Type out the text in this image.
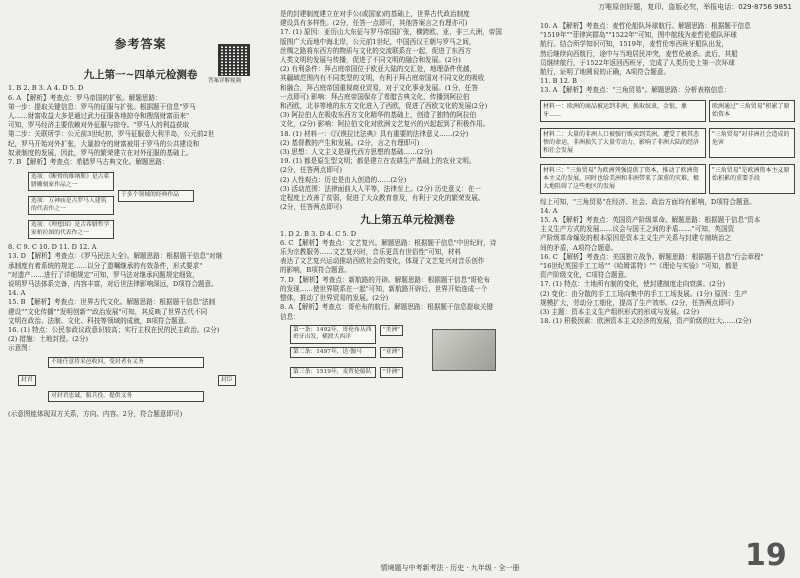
万唯原创好题，复印、盗版必究，举报电话：029-8756 9851
参考答案
九上第一~四单元检测卷

1. B 2. B 3. A 4. D 5. D

6. A 【解析】考查点：罗马帝国的扩张。解题思路：

第一步：提取关键信息：罗马的征服与扩张。根据题干信息"罗马

人……财富收益大多是通过武力征服各地掠夺和搜刮财富而来"

可知，罗马经济主要依赖对外征服与掠夺。"罗马人的利益获取

第二步：关联所学：公元前3世纪初，罗马征服意大利半岛，公元前2世

纪，罗马开始对外扩张，大量掠夺的财富被用于罗马的公共建设和

奴隶制度的发展，因此，罗马的繁荣建立在对外征服的基础上。

7. B 【解析】考查点：希腊罗马古典文化。解题思路：

选项：《断臂的维纳斯》是古希腊雕刻家作品之一
于多个领域的经典作品
选项：万神庙是古罗马人建筑的代表作之一
选项：《理想国》是古希腊哲学家柏拉图的代表作之一

8. C 9. C 10. D 11. D 12. A

13. D 【解析】考查点：《罗马民法大全》。解题思路：根据题干信息"对继

承制度有着系统的规定……以分了遗嘱继承的有效条件，形式要求"

"对遗产……进行了详细规定"可知，罗马法对继承问题规定细致，

说明罗马法体系完备，内容丰富，对后世法律影响深远，D项符合题意。

14. A

15. B 【解析】考查点：世界古代文化。解题思路：根据题干信息"法制

建设""文化传播""发明创新""政治发展"可知，其反映了世界古代不同

文明在政治、法制、文化、科技等领域的成就，B项符合题意。

16. (1) 特点：公民参政议政意识较高；实行主权在民的民主政治。(2分)

(2) 措施：土地封授。(2分)

示意图：

不能任意将采邑收回，受封者有义务
封君	封臣
对封君忠诚，服兵役，提供义务

(示意图能体现双方关系，方向、内容。2分，符合题意即可)

答案详解视频

是的封建制度建立在对手公(或国家)的基础上，世界古代政治制度

建设具有多样性。(2分，任答一点即可，其他答案言之有理亦可)

17. (1) 原因：亚历山大东征与罗马帝国扩张，横跨欧、亚、非三大洲，帝国

版图广大而地中海北岸，公元前1世纪，中国西汉王朝与罗马之间，

丝绸之路将东西方的物质与文化的交流联系在一起，促进了东西方

人类文明的发展与传播，促进了不同文明的融合和发展。(2分)

(2) 有利条件：拜占庭帝国位于欧亚大陆的交汇处，地理条件优越，

其疆域范围内有不同类型的文明，有利于拜占庭帝国对不同文化的吸收

和融合，拜占庭帝国重视商业贸易，对于文化事业发展。(1分，任答

一点即可) 影响：拜占庭帝国保存了希腊古典文化，传播到阿拉伯

和西欧，北非等地的东方文化进入了西欧，促进了西欧文化的发展(2分)

(3) 阿拉伯人在吸收东西方文化精华的基础上，创造了独特的阿拉伯

文化，(2分) 影响：阿拉伯文化对欧洲文艺复兴的兴起起到了积极作用。

18. (1) 材料一：《汉谟拉比法典》具有重要的法律意义……(2分)

(2) 基督教的产生和发展。(2分，言之有理即可)

(3) 思想：人文主义是现代西方思想的基础……(2分)

19. (1) 都是原生型文明；都是建立在农耕生产基础上的农业文明。

(2分，任答两点即可)

(2) 人性观点：历史是由人创造的……(2分)

(3) 活动范围：法律面前人人平等，法律至上。(2分) 历史意义：在一

定程度上改善了贫弱，促进了大众教育普及，有利于文化的繁荣发展。

(2分，任答两点即可)

九上第五单元检测卷

1. D 2. B 3. D 4. C 5. D

6. C 【解析】考查点：文艺复兴。解题思路：根据题干信息"中世纪时，诗

乐为宗教服务……文艺复兴时，音乐更具有世俗性"可知，材料

表达了文艺复兴运动推动西欧社会的变化，体现了文艺复兴对音乐创作

的影响，B项符合题意。

7. D 【解析】考查点：新航路的开辟。解题思路：根据题干信息"哥伦布

的发现……使世界联系在一起"可知，新航路开辟后，世界开始连成一个

整体，推动了世界贸易的发展。(2分)

8. A 【解析】考查点：哥伦布的航行。解题思路：根据题干信息提取关键

信息：

第一条：1492年，哥伦布从西班牙出发，横渡大西洋
第二条：1497年，达·伽马
第三条：1519年，麦哲伦船队
"美洲"
"亚洲"
"非洲"

10. A 【解析】考查点：麦哲伦船队环球航行。解题思路：根据题干信息

"1519年""菲律宾群岛""1522年"可知，图中航线为麦哲伦船队环球

航行。结合所学知识可知，1519年，麦哲伦率西班牙船队出发，

然后继续向西航行，途中与当地居民冲突，麦哲伦被杀。此后，其船

员继续航行，于1522年返回西班牙，完成了人类历史上第一次环球

航行，证明了地圆说的正确，A项符合题意。

11. B 12. B

13. A 【解析】考查点："三角贸易"。解题思路：分析表格信息：

材料一：欧洲的商品被运到非洲，换取奴隶，金银，象牙……
欧洲通过"三角贸易"积累了原始资本
材料二：大量的非洲人口被强行贩卖到美洲，遭受了极其悲惨的命运，非洲损失了大量劳动力，影响了非洲大陆的经济和社会发展
"三角贸易"对非洲社会造成的危害
材料三："三角贸易"为欧洲列强提供了资本，推动了欧洲资本主义的发展，同时也给美洲和非洲带来了深重的灾难，极大地阻碍了这些地区的发展
"三角贸易"是欧洲资本主义原始积累的重要手段

综上可知，"三角贸易"在经济、社会、政治方面均有影响，D项符合题意。

14. A

15. A 【解析】考查点：英国资产阶级革命。解题思路：根据题干信息"资本

主义生产方式的发展……议会与国王之间的矛盾……"可知，英国资

产阶级革命爆发的根本原因是资本主义生产关系与封建专制统治之

间的矛盾，A项符合题意。

16. C 【解析】考查点：美国独立战争。解题思路：根据题干信息"行会章程"

"16世纪英国手工工场""《哈姆雷特》""《理论与实验》"可知，都是

资产阶级文化，C项符合题意。

17. (1) 特点：土地所有制的变化，使封建制度走向衰落。(2分)

(2) 变化：由分散的手工工场向集中的手工工场发展。(1分) 原因：生产

规模扩大，劳动分工细化，提高了生产效率。(2分，任答两点即可)

(3) 主题：资本主义生产组织形式的形成与发展。(2分)

18. (1) 积极因素：欧洲资本主义经济的发展，资产阶级的壮大……(2分)

19
情境题与中考新考法 · 历史 · 九年级 · 全一册
